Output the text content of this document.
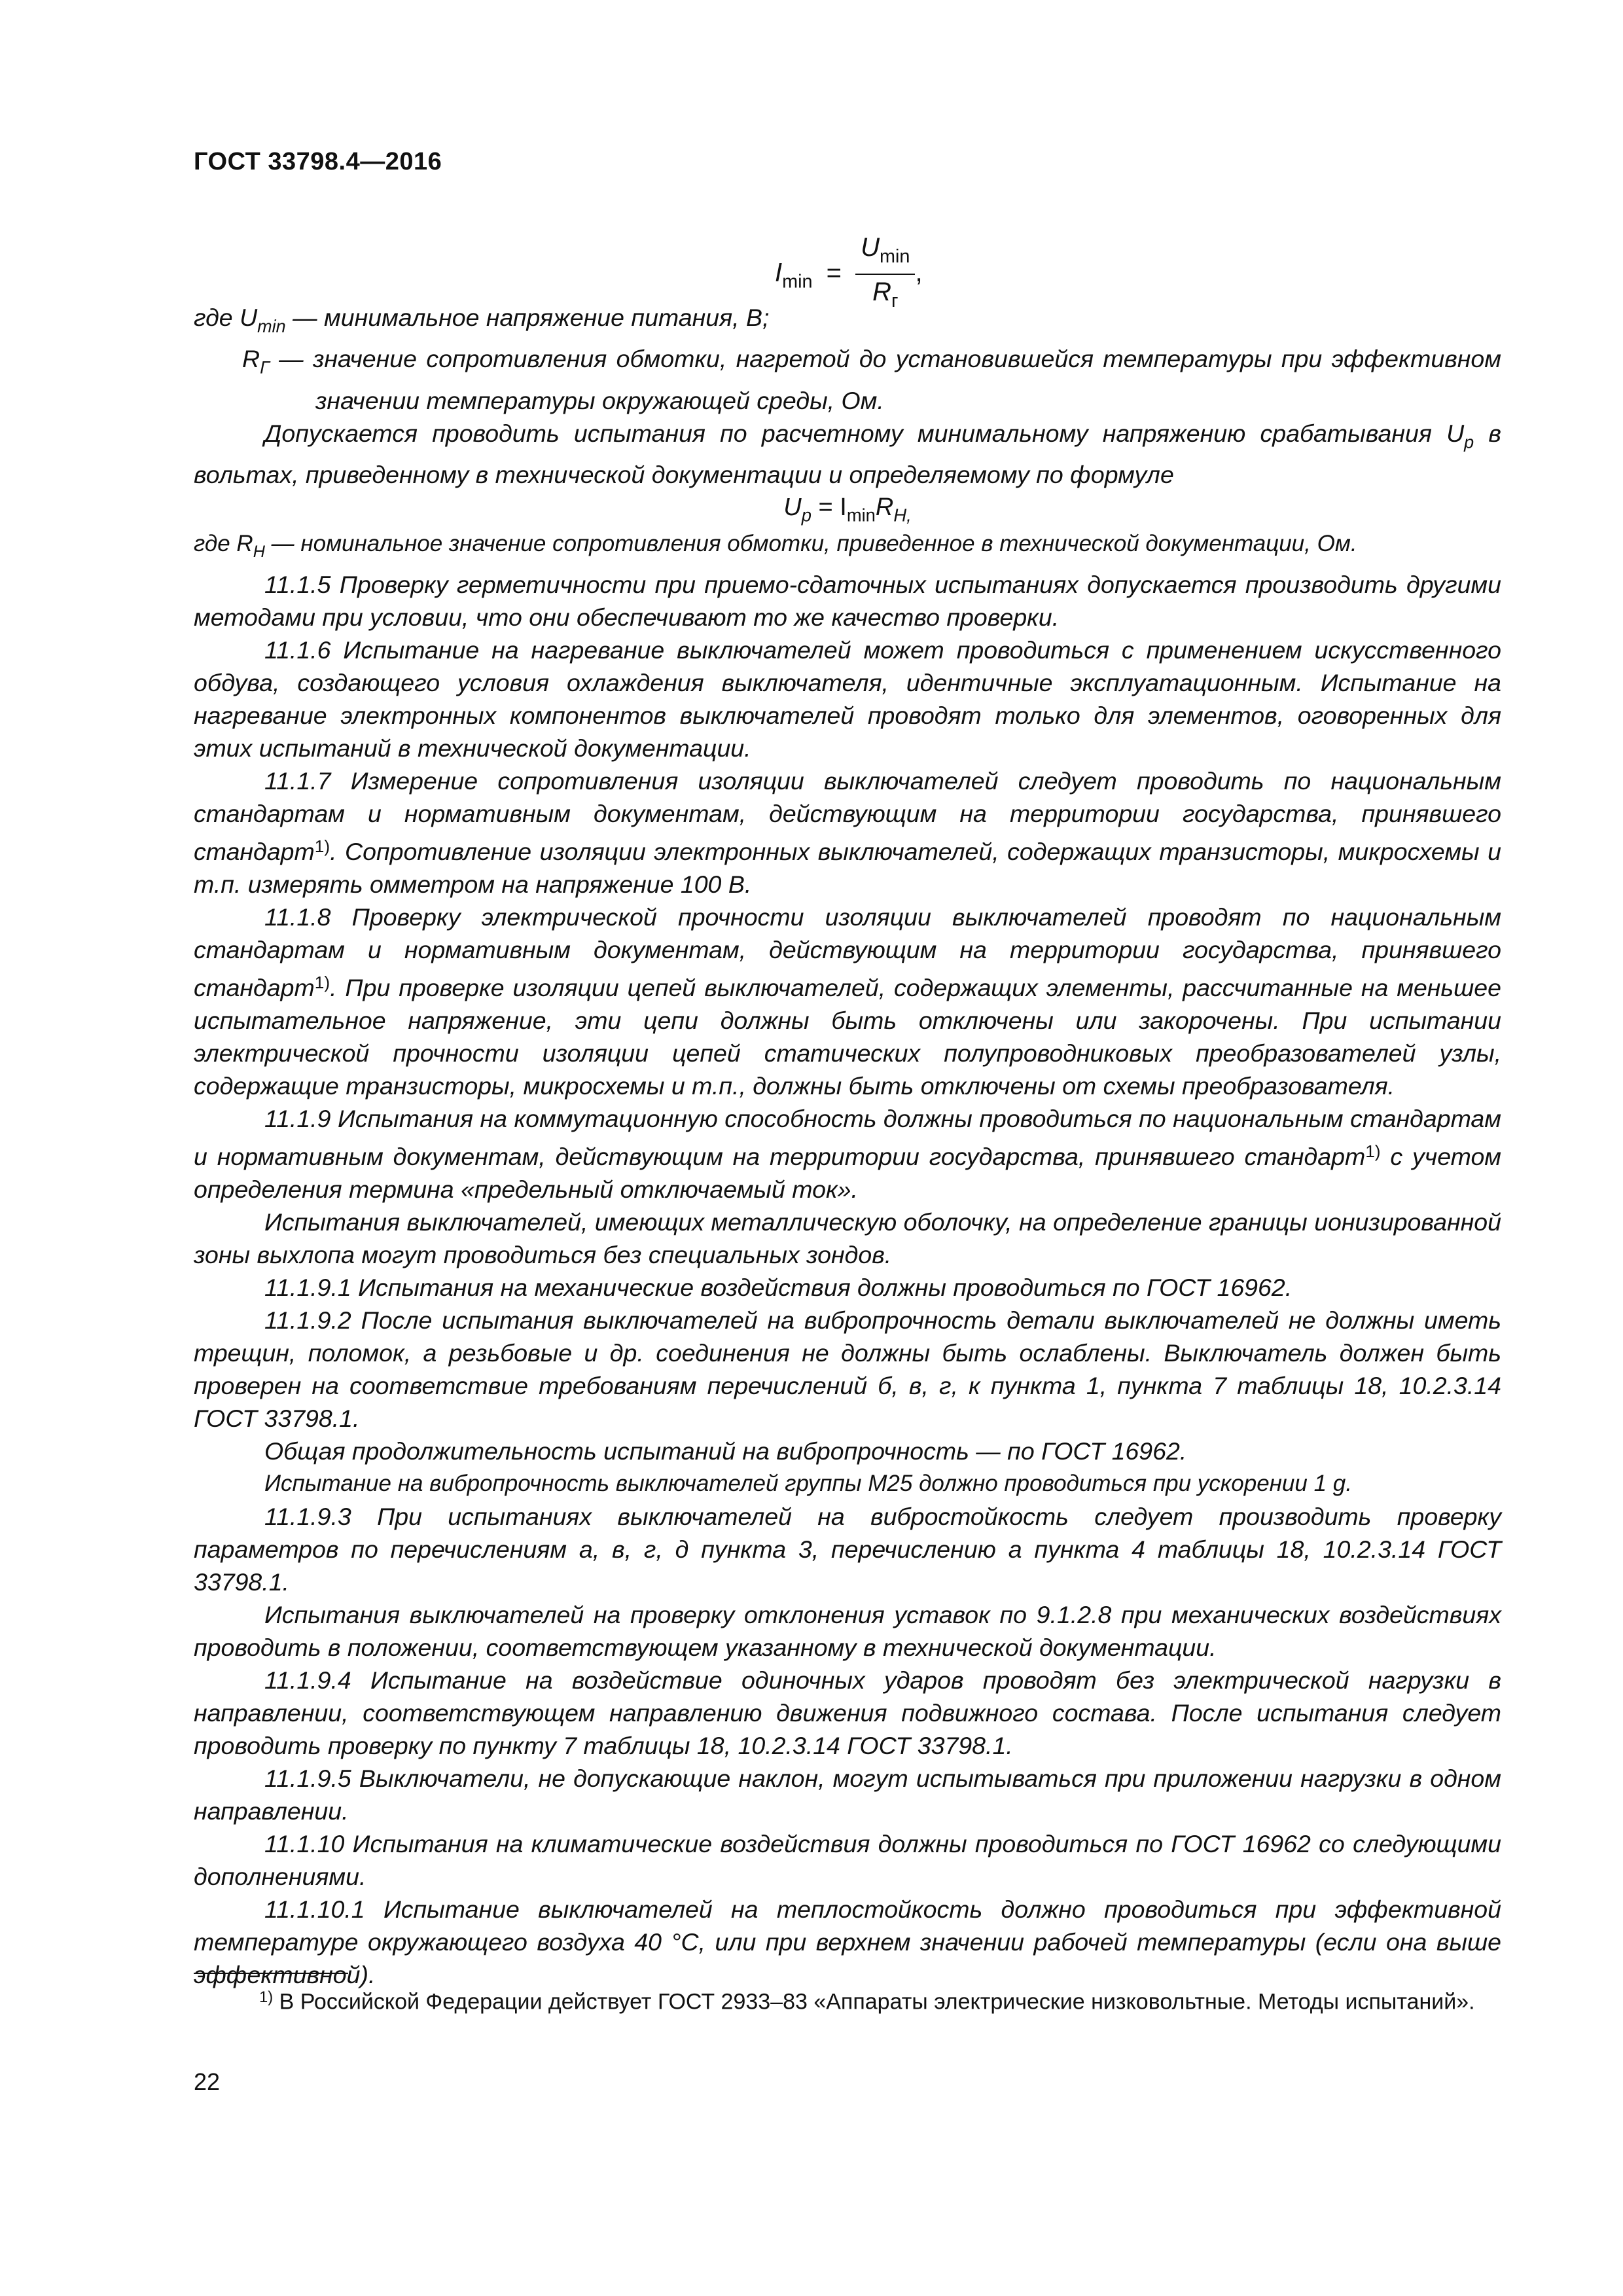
ГОСТ 33798.4—2016
$I_{min} = \frac{U_{min}}{R_г}$ ,

где $U_{min}$ — минимальное напряжение питания, В;

$R_Г$ — значение сопротивления обмотки, нагретой до установившейся температуры при эффективном значении температуры окружающей среды, Ом.

Допускается проводить испытания по расчетному минимальному напряжению срабатывания $U_р$ в вольтах, приведенному в технической документации и определяемому по формуле

$U_р = I_{min}R_{H,}$

где $R_H$ — номинальное значение сопротивления обмотки, приведенное в технической документации, Ом.

11.1.5 Проверку герметичности при приемо-сдаточных испытаниях допускается производить другими методами при условии, что они обеспечивают то же качество проверки.

11.1.6 Испытание на нагревание выключателей может проводиться с применением искусственного обдува, создающего условия охлаждения выключателя, идентичные эксплуатационным. Испытание на нагревание электронных компонентов выключателей проводят только для элементов, оговоренных для этих испытаний в технической документации.

11.1.7 Измерение сопротивления изоляции выключателей следует проводить по национальным стандартам и нормативным документам, действующим на территории государства, принявшего стандарт$^{1)}$. Сопротивление изоляции электронных выключателей, содержащих транзисторы, микросхемы и т.п. измерять омметром на напряжение 100 В.

11.1.8 Проверку электрической прочности изоляции выключателей проводят по национальным стандартам и нормативным документам, действующим на территории государства, принявшего стандарт$^{1)}$. При проверке изоляции цепей выключателей, содержащих элементы, рассчитанные на меньшее испытательное напряжение, эти цепи должны быть отключены или закорочены. При испытании электрической прочности изоляции цепей статических полупроводниковых преобразователей узлы, содержащие транзисторы, микросхемы и т.п., должны быть отключены от схемы преобразователя.

11.1.9 Испытания на коммутационную способность должны проводиться по национальным стандартам и нормативным документам, действующим на территории государства, принявшего стандарт$^{1)}$ с учетом определения термина «предельный отключаемый ток».

Испытания выключателей, имеющих металлическую оболочку, на определение границы ионизированной зоны выхлопа могут проводиться без специальных зондов.

11.1.9.1 Испытания на механические воздействия должны проводиться по ГОСТ 16962.

11.1.9.2 После испытания выключателей на вибропрочность детали выключателей не должны иметь трещин, поломок, а резьбовые и др. соединения не должны быть ослаблены. Выключатель должен быть проверен на соответствие требованиям перечислений б, в, г, к пункта 1, пункта 7 таблицы 18, 10.2.3.14 ГОСТ 33798.1.

Общая продолжительность испытаний на вибропрочность — по ГОСТ 16962.

Испытание на вибропрочность выключателей группы М25 должно проводиться при ускорении 1 g.

11.1.9.3 При испытаниях выключателей на вибростойкость следует производить проверку параметров по перечислениям а, в, г, д пункта 3, перечислению а пункта 4 таблицы 18, 10.2.3.14 ГОСТ 33798.1.

Испытания выключателей на проверку отклонения уставок по 9.1.2.8 при механических воздействиях проводить в положении, соответствующем указанному в технической документации.

11.1.9.4 Испытание на воздействие одиночных ударов проводят без электрической нагрузки в направлении, соответствующем направлению движения подвижного состава. После испытания следует проводить проверку по пункту 7 таблицы 18, 10.2.3.14 ГОСТ 33798.1.

11.1.9.5 Выключатели, не допускающие наклон, могут испытываться при приложении нагрузки в одном направлении.

11.1.10 Испытания на климатические воздействия должны проводиться по ГОСТ 16962 со следующими дополнениями.

11.1.10.1 Испытание выключателей на теплостойкость должно проводиться при эффективной температуре окружающего воздуха 40 °С, или при верхнем значении рабочей температуры (если она выше эффективной).

$^{1)}$ В Российской Федерации действует ГОСТ 2933–83 «Аппараты электрические низковольтные. Методы испытаний».
22
